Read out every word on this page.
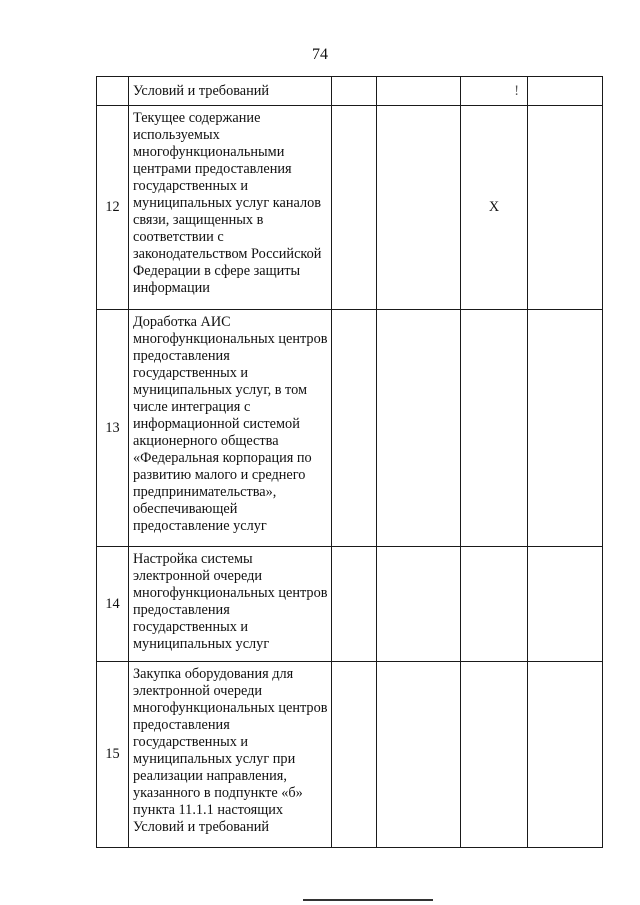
74
	Условий и требований			!	
12	Текущее содержание используемых многофункциональными центрами предоставления государственных и муниципальных услуг каналов связи, защищенных в соответствии с законодательством Российской Федерации в сфере защиты информации			Х	
13	Доработка АИС многофункциональных центров предоставления государственных и муниципальных услуг, в том числе интеграция с информационной системой акционерного общества «Федеральная корпорация по развитию малого и среднего предпринимательства», обеспечивающей предоставление услуг				
14	Настройка системы электронной очереди многофункциональных центров предоставления государственных и муниципальных услуг				
15	Закупка оборудования для электронной очереди многофункциональных центров предоставления государственных и муниципальных услуг при реализации направления, указанного в подпункте «б» пункта 11.1.1 настоящих Условий и требований				
